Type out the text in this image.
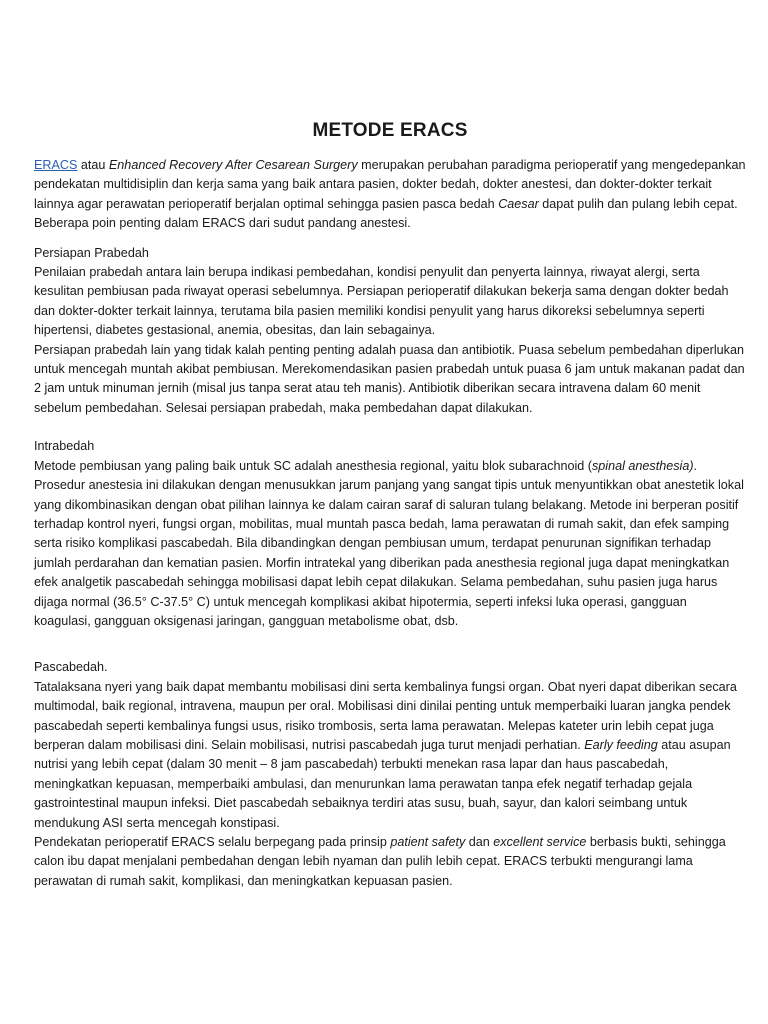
METODE ERACS

ERACS atau Enhanced Recovery After Cesarean Surgery merupakan perubahan paradigma perioperatif yang mengedepankan pendekatan multidisiplin dan kerja sama yang baik antara pasien, dokter bedah, dokter anestesi, dan dokter-dokter terkait lainnya agar perawatan perioperatif berjalan optimal sehingga pasien pasca bedah Caesar dapat pulih dan pulang lebih cepat. Beberapa poin penting dalam ERACS dari sudut pandang anestesi.

Persiapan Prabedah

Penilaian prabedah antara lain berupa indikasi pembedahan, kondisi penyulit dan penyerta lainnya, riwayat alergi, serta kesulitan pembiusan pada riwayat operasi sebelumnya. Persiapan perioperatif dilakukan bekerja sama dengan dokter bedah dan dokter-dokter terkait lainnya, terutama bila pasien memiliki kondisi penyulit yang harus dikoreksi sebelumnya seperti hipertensi, diabetes gestasional, anemia, obesitas, dan lain sebagainya.

Persiapan prabedah lain yang tidak kalah penting penting adalah puasa dan antibiotik. Puasa sebelum pembedahan diperlukan untuk mencegah muntah akibat pembiusan. Merekomendasikan pasien prabedah untuk puasa 6 jam untuk makanan padat dan 2 jam untuk minuman jernih (misal jus tanpa serat atau teh manis). Antibiotik diberikan secara intravena dalam 60 menit sebelum pembedahan. Selesai persiapan prabedah, maka pembedahan dapat dilakukan.

Intrabedah

Metode pembiusan yang paling baik untuk SC adalah anesthesia regional, yaitu blok subarachnoid (spinal anesthesia). Prosedur anestesia ini dilakukan dengan menusukkan jarum panjang yang sangat tipis untuk menyuntikkan obat anestetik lokal yang dikombinasikan dengan obat pilihan lainnya ke dalam cairan saraf di saluran tulang belakang. Metode ini berperan positif terhadap kontrol nyeri, fungsi organ, mobilitas, mual muntah pasca bedah, lama perawatan di rumah sakit, dan efek samping serta risiko komplikasi pascabedah. Bila dibandingkan dengan pembiusan umum, terdapat penurunan signifikan terhadap jumlah perdarahan dan kematian pasien. Morfin intratekal yang diberikan pada anesthesia regional juga dapat meningkatkan efek analgetik pascabedah sehingga mobilisasi dapat lebih cepat dilakukan. Selama pembedahan, suhu pasien juga harus dijaga normal (36.5° C-37.5° C) untuk mencegah komplikasi akibat hipotermia, seperti infeksi luka operasi, gangguan koagulasi, gangguan oksigenasi jaringan, gangguan metabolisme obat, dsb.

Pascabedah.

Tatalaksana nyeri yang baik dapat membantu mobilisasi dini serta kembalinya fungsi organ. Obat nyeri dapat diberikan secara multimodal, baik regional, intravena, maupun per oral. Mobilisasi dini dinilai penting untuk memperbaiki luaran jangka pendek pascabedah seperti kembalinya fungsi usus, risiko trombosis, serta lama perawatan. Melepas kateter urin lebih cepat juga berperan dalam mobilisasi dini. Selain mobilisasi, nutrisi pascabedah juga turut menjadi perhatian. Early feeding atau asupan nutrisi yang lebih cepat (dalam 30 menit – 8 jam pascabedah) terbukti menekan rasa lapar dan haus pascabedah, meningkatkan kepuasan, memperbaiki ambulasi, dan menurunkan lama perawatan tanpa efek negatif terhadap gejala gastrointestinal maupun infeksi. Diet pascabedah sebaiknya terdiri atas susu, buah, sayur, dan kalori seimbang untuk mendukung ASI serta mencegah konstipasi.

Pendekatan perioperatif ERACS selalu berpegang pada prinsip patient safety dan excellent service berbasis bukti, sehingga calon ibu dapat menjalani pembedahan dengan lebih nyaman dan pulih lebih cepat. ERACS terbukti mengurangi lama perawatan di rumah sakit, komplikasi, dan meningkatkan kepuasan pasien.
